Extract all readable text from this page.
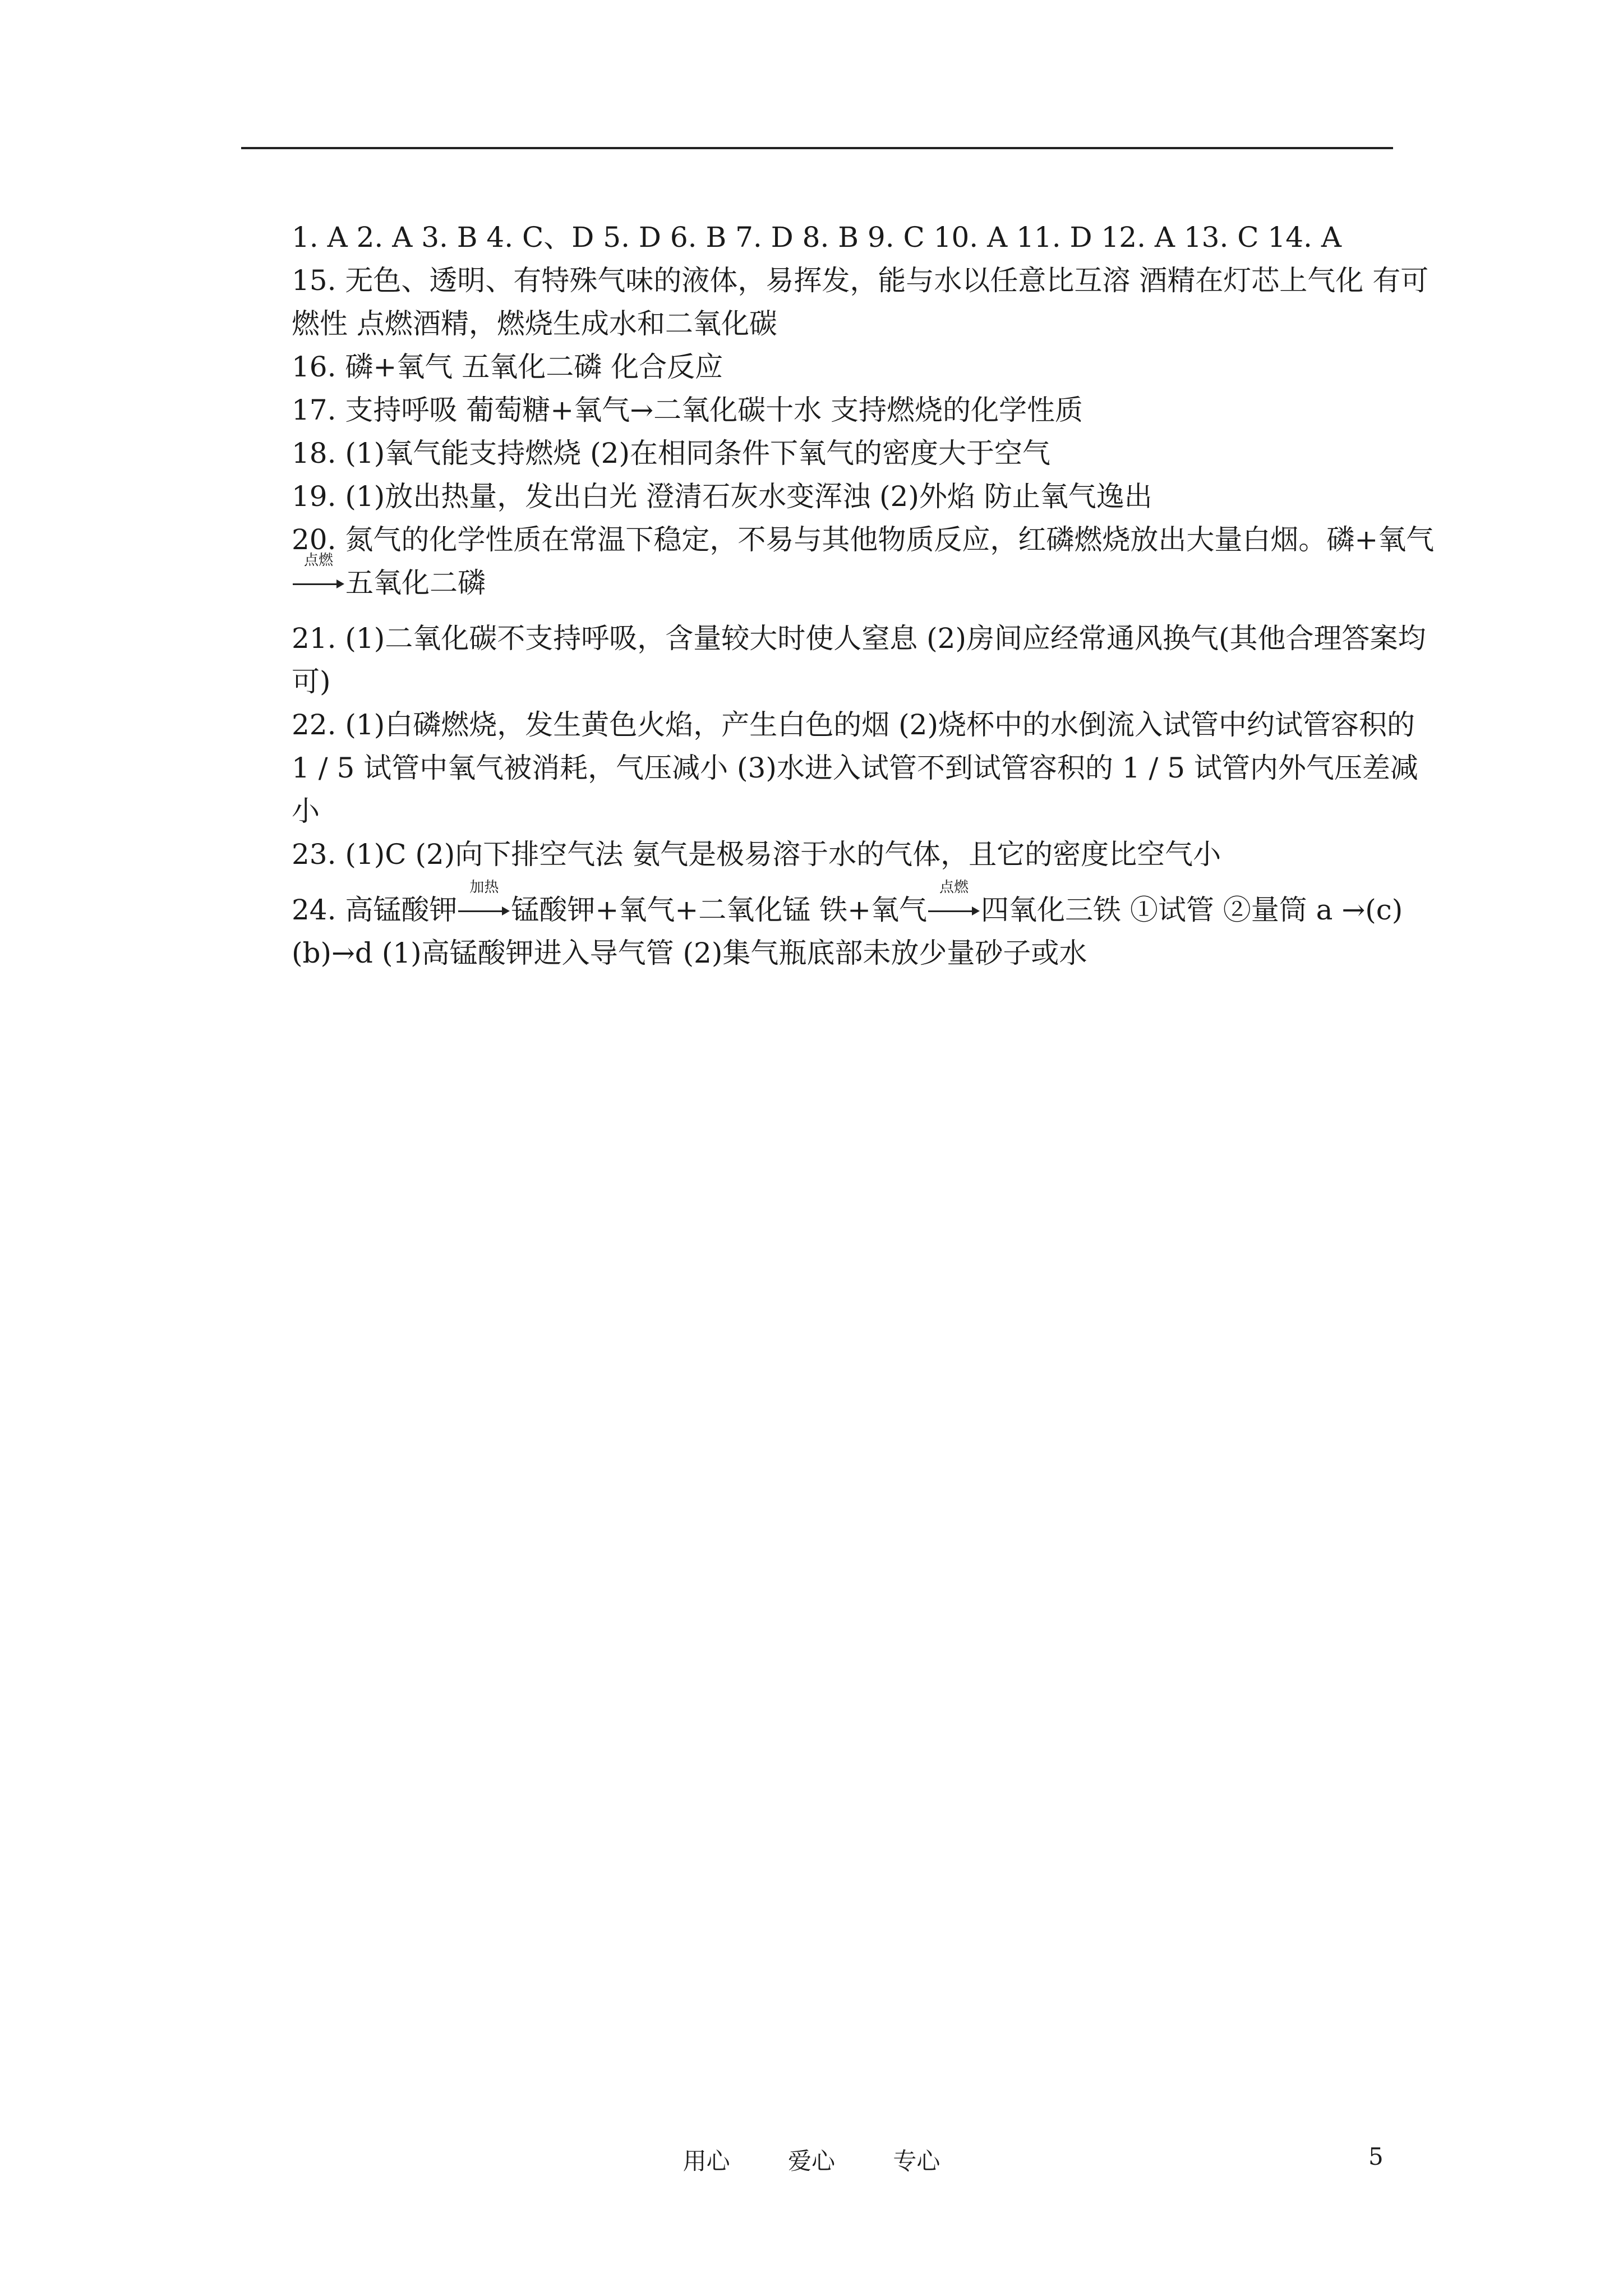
1. A 2. A 3. B 4. C、D 5. D 6. B 7. D 8. B 9. C 10. A 11. D 12. A 13. C 14. A

15. 无色、透明、有特殊气味的液体，易挥发，能与水以任意比互溶 酒精在灯芯上气化 有可燃性 点燃酒精，燃烧生成水和二氧化碳

16. 磷+氧气 五氧化二磷 化合反应

17. 支持呼吸 葡萄糖+氧气→二氧化碳十水 支持燃烧的化学性质

18. (1)氧气能支持燃烧 (2)在相同条件下氧气的密度大于空气

19. (1)放出热量，发出白光 澄清石灰水变浑浊 (2)外焰 防止氧气逸出

20. 氮气的化学性质在常温下稳定，不易与其他物质反应，红磷燃烧放出大量白烟。磷+氧气
点燃
五氧化二磷

21. (1)二氧化碳不支持呼吸，含量较大时使人窒息 (2)房间应经常通风换气(其他合理答案均可)

22. (1)白磷燃烧，发生黄色火焰，产生白色的烟 (2)烧杯中的水倒流入试管中约试管容积的 1 / 5 试管中氧气被消耗，气压减小 (3)水进入试管不到试管容积的 1 / 5 试管内外气压差减小

23. (1)C (2)向下排空气法 氨气是极易溶于水的气体，且它的密度比空气小

24. 高锰酸钾
加热
锰酸钾+氧气+二氧化锰 铁+氧气
点燃
四氧化三铁 ①试管 ②量筒 a →(c)(b)→d (1)高锰酸钾进入导气管 (2)集气瓶底部未放少量砂子或水

用心 爱心 专心	5
